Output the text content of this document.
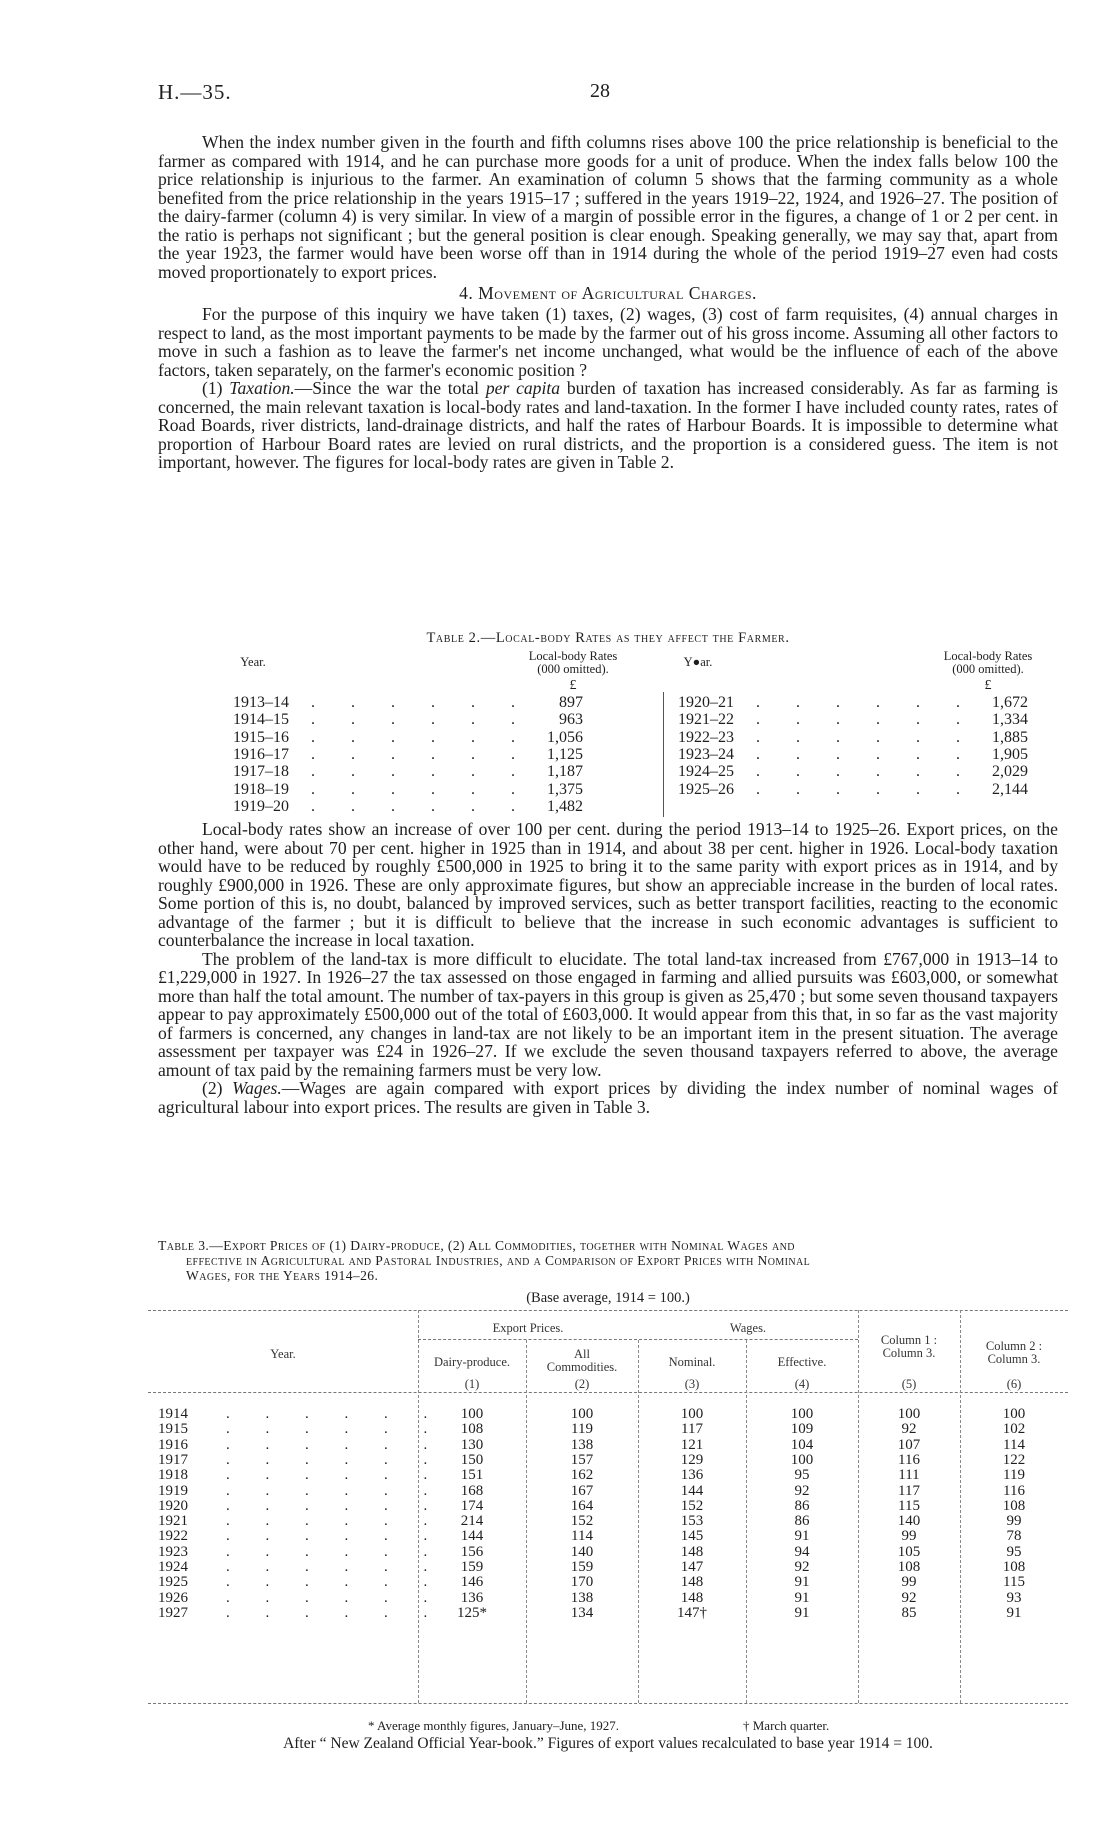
H.—35.	28

When the index number given in the fourth and fifth columns rises above 100 the price relationship is beneficial to the farmer as compared with 1914, and he can purchase more goods for a unit of produce. When the index falls below 100 the price relationship is injurious to the farmer. An examination of column 5 shows that the farming community as a whole benefited from the price relationship in the years 1915–17 ; suffered in the years 1919–22, 1924, and 1926–27. The position of the dairy-farmer (column 4) is very similar. In view of a margin of possible error in the figures, a change of 1 or 2 per cent. in the ratio is perhaps not significant ; but the general position is clear enough. Speaking generally, we may say that, apart from the year 1923, the farmer would have been worse off than in 1914 during the whole of the period 1919–27 even had costs moved proportionately to export prices.

4. Movement of Agricultural Charges.

For the purpose of this inquiry we have taken (1) taxes, (2) wages, (3) cost of farm requisites, (4) annual charges in respect to land, as the most important payments to be made by the farmer out of his gross income. Assuming all other factors to move in such a fashion as to leave the farmer's net income unchanged, what would be the influence of each of the above factors, taken separately, on the farmer's economic position ?

(1) Taxation.—Since the war the total per capita burden of taxation has increased considerably. As far as farming is concerned, the main relevant taxation is local-body rates and land-taxation. In the former I have included county rates, rates of Road Boards, river districts, land-drainage districts, and half the rates of Harbour Boards. It is impossible to determine what proportion of Harbour Board rates are levied on rural districts, and the proportion is a considered guess. The item is not important, however. The figures for local-body rates are given in Table 2.

Table 2.—Local-body Rates as they affect the Farmer.
Year.	Local-body Rates
(000 omitted).	Y●ar.	Local-body Rates
(000 omitted).
£	£
1913–14 . . . . . .	897
1914–15 . . . . . .	963
1915–16 . . . . . .	1,056
1916–17 . . . . . .	1,125
1917–18 . . . . . .	1,187
1918–19 . . . . . .	1,375
1919–20 . . . . . .	1,482
1920–21 . . . . . .	1,672
1921–22 . . . . . .	1,334
1922–23 . . . . . .	1,885
1923–24 . . . . . .	1,905
1924–25 . . . . . .	2,029
1925–26 . . . . . .	2,144

Local-body rates show an increase of over 100 per cent. during the period 1913–14 to 1925–26. Export prices, on the other hand, were about 70 per cent. higher in 1925 than in 1914, and about 38 per cent. higher in 1926. Local-body taxation would have to be reduced by roughly £500,000 in 1925 to bring it to the same parity with export prices as in 1914, and by roughly £900,000 in 1926. These are only approximate figures, but show an appreciable increase in the burden of local rates. Some portion of this is, no doubt, balanced by improved services, such as better transport facilities, reacting to the economic advantage of the farmer ; but it is difficult to believe that the increase in such economic advantages is sufficient to counterbalance the increase in local taxation.

The problem of the land-tax is more difficult to elucidate. The total land-tax increased from £767,000 in 1913–14 to £1,229,000 in 1927. In 1926–27 the tax assessed on those engaged in farming and allied pursuits was £603,000, or somewhat more than half the total amount. The number of tax-payers in this group is given as 25,470 ; but some seven thousand taxpayers appear to pay approximately £500,000 out of the total of £603,000. It would appear from this that, in so far as the vast majority of farmers is concerned, any changes in land-tax are not likely to be an important item in the present situation. The average assessment per taxpayer was £24 in 1926–27. If we exclude the seven thousand taxpayers referred to above, the average amount of tax paid by the remaining farmers must be very low.

(2) Wages.—Wages are again compared with export prices by dividing the index number of nominal wages of agricultural labour into export prices. The results are given in Table 3.

Table 3.—Export Prices of (1) Dairy-produce, (2) All Commodities, together with Nominal Wages and
effective in Agricultural and Pastoral Industries, and a Comparison of Export Prices with Nominal
Wages, for the Years 1914–26.
(Base average, 1914 = 100.)
Year.
Export Prices.	Wages.
Dairy-produce.
All
Commodities.	Nominal.	Effective.
Column 1 :
Column 3.	Column 2 :
Column 3.
(1)	(2)	(3)	(4)	(5)	(6)
1914	. . . . . .	100	100	100	100	100	100
1915	. . . . . .	108	119	117	109	92	102
1916	. . . . . .	130	138	121	104	107	114
1917	. . . . . .	150	157	129	100	116	122
1918	. . . . . .	151	162	136	95	111	119
1919	. . . . . .	168	167	144	92	117	116
1920	. . . . . .	174	164	152	86	115	108
1921	. . . . . .	214	152	153	86	140	99
1922	. . . . . .	144	114	145	91	99	78
1923	. . . . . .	156	140	148	94	105	95
1924	. . . . . .	159	159	147	92	108	108
1925	. . . . . .	146	170	148	91	99	115
1926	. . . . . .	136	138	148	91	92	93
1927	. . . . . . 125*	134	147†	91	85	91
* Average monthly figures, January–June, 1927.	† March quarter.
After “ New Zealand Official Year-book.” Figures of export values recalculated to base year 1914 = 100.
